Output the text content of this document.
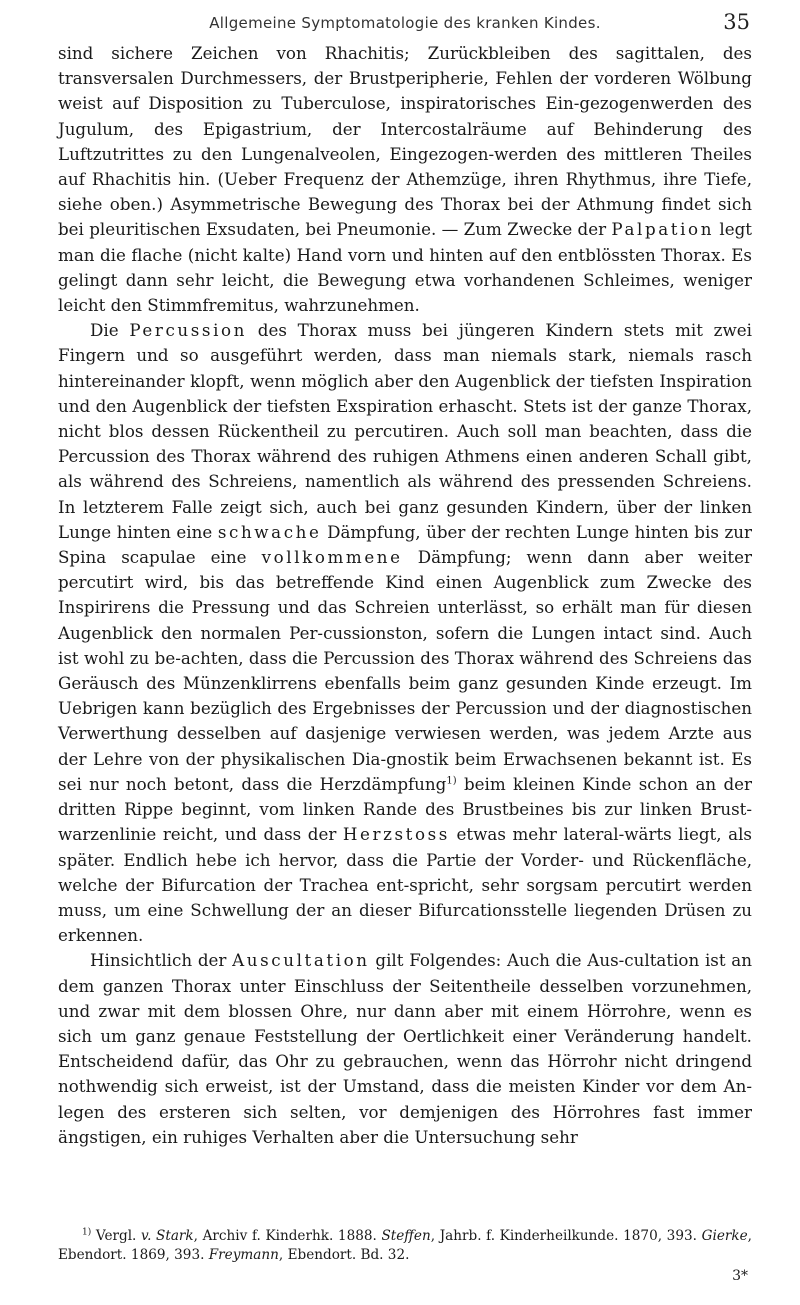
Allgemeine Symptomatologie des kranken Kindes.	35

sind sichere Zeichen von Rhachitis; Zurückbleiben des sagittalen, des transversalen Durchmessers, der Brustperipherie, Fehlen der vorderen Wölbung weist auf Disposition zu Tuberculose, inspiratorisches Ein-gezogenwerden des Jugulum, des Epigastrium, der Intercostalräume auf Behinderung des Luftzutrittes zu den Lungenalveolen, Eingezogen-werden des mittleren Theiles auf Rhachitis hin. (Ueber Frequenz der Athemzüge, ihren Rhythmus, ihre Tiefe, siehe oben.) Asymmetrische Bewegung des Thorax bei der Athmung findet sich bei pleuritischen Exsudaten, bei Pneumonie. — Zum Zwecke der Palpation legt man die flache (nicht kalte) Hand vorn und hinten auf den entblössten Thorax. Es gelingt dann sehr leicht, die Bewegung etwa vorhandenen Schleimes, weniger leicht den Stimmfremitus, wahrzunehmen.

Die Percussion des Thorax muss bei jüngeren Kindern stets mit zwei Fingern und so ausgeführt werden, dass man niemals stark, niemals rasch hintereinander klopft, wenn möglich aber den Augenblick der tiefsten Inspiration und den Augenblick der tiefsten Exspiration erhascht. Stets ist der ganze Thorax, nicht blos dessen Rückentheil zu percutiren. Auch soll man beachten, dass die Percussion des Thorax während des ruhigen Athmens einen anderen Schall gibt, als während des Schreiens, namentlich als während des pressenden Schreiens. In letzterem Falle zeigt sich, auch bei ganz gesunden Kindern, über der linken Lunge hinten eine schwache Dämpfung, über der rechten Lunge hinten bis zur Spina scapulae eine vollkommene Dämpfung; wenn dann aber weiter percutirt wird, bis das betreffende Kind einen Augenblick zum Zwecke des Inspirirens die Pressung und das Schreien unterlässt, so erhält man für diesen Augenblick den normalen Per-cussionston, sofern die Lungen intact sind. Auch ist wohl zu be-achten, dass die Percussion des Thorax während des Schreiens das Geräusch des Münzenklirrens ebenfalls beim ganz gesunden Kinde erzeugt. Im Uebrigen kann bezüglich des Ergebnisses der Percussion und der diagnostischen Verwerthung desselben auf dasjenige verwiesen werden, was jedem Arzte aus der Lehre von der physikalischen Dia-gnostik beim Erwachsenen bekannt ist. Es sei nur noch betont, dass die Herzdämpfung$^{1)}$ beim kleinen Kinde schon an der dritten Rippe beginnt, vom linken Rande des Brustbeines bis zur linken Brust-warzenlinie reicht, und dass der Herzstoss etwas mehr lateral-wärts liegt, als später. Endlich hebe ich hervor, dass die Partie der Vorder- und Rückenfläche, welche der Bifurcation der Trachea ent-spricht, sehr sorgsam percutirt werden muss, um eine Schwellung der an dieser Bifurcationsstelle liegenden Drüsen zu erkennen.

Hinsichtlich der Auscultation gilt Folgendes: Auch die Aus-cultation ist an dem ganzen Thorax unter Einschluss der Seitentheile desselben vorzunehmen, und zwar mit dem blossen Ohre, nur dann aber mit einem Hörrohre, wenn es sich um ganz genaue Feststellung der Oertlichkeit einer Veränderung handelt. Entscheidend dafür, das Ohr zu gebrauchen, wenn das Hörrohr nicht dringend nothwendig sich erweist, ist der Umstand, dass die meisten Kinder vor dem An-legen des ersteren sich selten, vor demjenigen des Hörrohres fast immer ängstigen, ein ruhiges Verhalten aber die Untersuchung sehr

$^{1)}$ Vergl. v. Stark, Archiv f. Kinderhk. 1888. Steffen, Jahrb. f. Kinderheilkunde. 1870, 393. Gierke, Ebendort. 1869, 393. Freymann, Ebendort. Bd. 32.

3*
